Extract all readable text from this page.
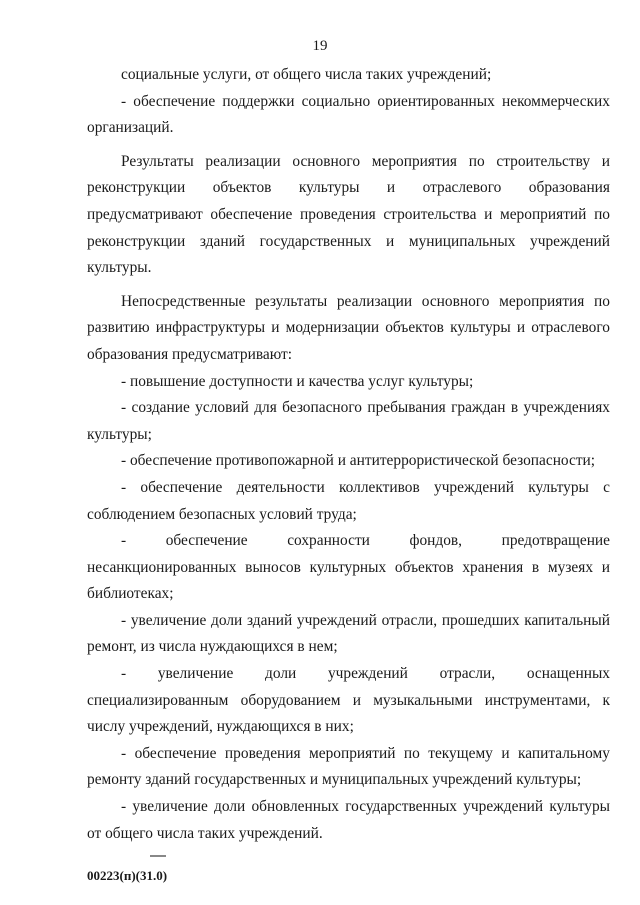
19

социальные услуги, от общего числа таких учреждений;

- обеспечение поддержки социально ориентированных некоммерческих организаций.

Результаты реализации основного мероприятия по строительству и реконструкции объектов культуры и отраслевого образования предусматривают обеспечение проведения строительства и мероприятий по реконструкции зданий государственных и муниципальных учреждений культуры.

Непосредственные результаты реализации основного мероприятия по развитию инфраструктуры и модернизации объектов культуры и отраслевого образования предусматривают:

- повышение доступности и качества услуг культуры;

- создание условий для безопасного пребывания граждан в учреждениях культуры;

- обеспечение противопожарной и антитеррористической безопасности;

- обеспечение деятельности коллективов учреждений культуры с соблюдением безопасных условий труда;

- обеспечение сохранности фондов, предотвращение несанкционированных выносов культурных объектов хранения в музеях и библиотеках;

- увеличение доли зданий учреждений отрасли, прошедших капитальный ремонт, из числа нуждающихся в нем;

- увеличение доли учреждений отрасли, оснащенных специализированным оборудованием и музыкальными инструментами, к числу учреждений, нуждающихся в них;

- обеспечение проведения мероприятий по текущему и капитальному ремонту зданий государственных и муниципальных учреждений культуры;

- увеличение доли обновленных государственных учреждений культуры от общего числа таких учреждений.

00223(п)(31.0)
